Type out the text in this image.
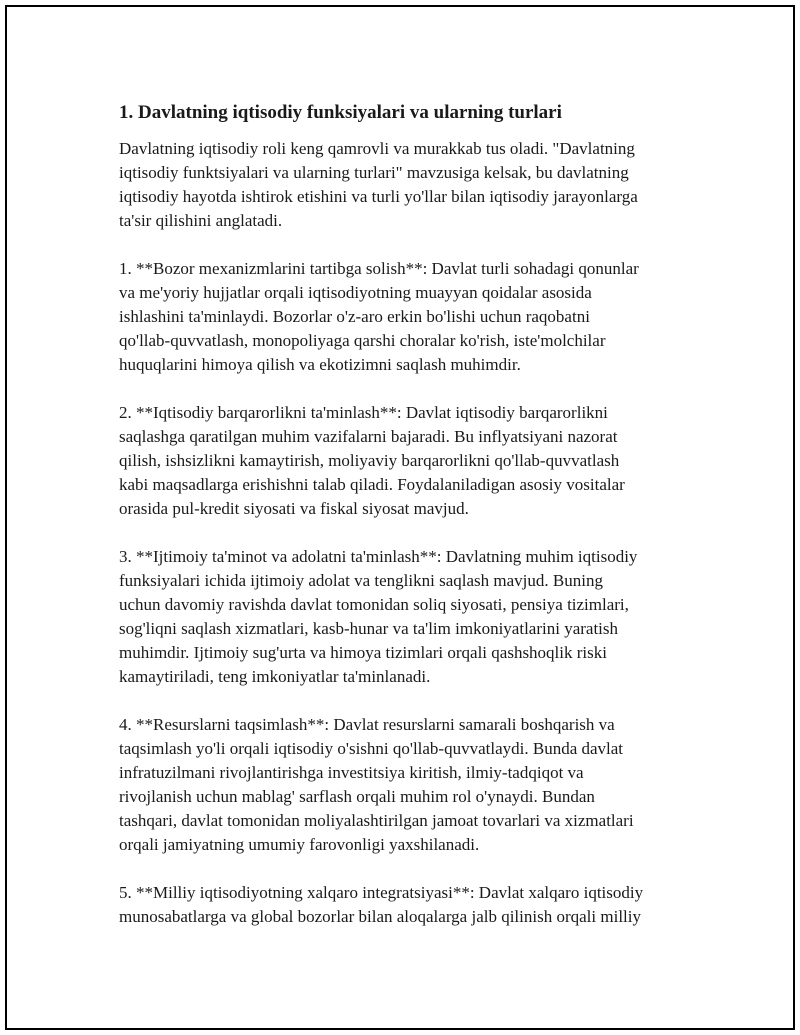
1. Davlatning iqtisodiy funksiyalari va ularning turlari

Davlatning iqtisodiy roli keng qamrovli va murakkab tus oladi. "Davlatning
iqtisodiy funktsiyalari va ularning turlari" mavzusiga kelsak, bu davlatning
iqtisodiy hayotda ishtirok etishini va turli yo'llar bilan iqtisodiy jarayonlarga
ta'sir qilishini anglatadi.

1. **Bozor mexanizmlarini tartibga solish**: Davlat turli sohadagi qonunlar
va me'yoriy hujjatlar orqali iqtisodiyotning muayyan qoidalar asosida
ishlashini ta'minlaydi. Bozorlar o'z-aro erkin bo'lishi uchun raqobatni
qo'llab-quvvatlash, monopoliyaga qarshi choralar ko'rish, iste'molchilar
huquqlarini himoya qilish va ekotizimni saqlash muhimdir.

2. **Iqtisodiy barqarorlikni ta'minlash**: Davlat iqtisodiy barqarorlikni
saqlashga qaratilgan muhim vazifalarni bajaradi. Bu inflyatsiyani nazorat
qilish, ishsizlikni kamaytirish, moliyaviy barqarorlikni qo'llab-quvvatlash
kabi maqsadlarga erishishni talab qiladi. Foydalaniladigan asosiy vositalar
orasida pul-kredit siyosati va fiskal siyosat mavjud.

3. **Ijtimoiy ta'minot va adolatni ta'minlash**: Davlatning muhim iqtisodiy
funksiyalari ichida ijtimoiy adolat va tenglikni saqlash mavjud. Buning
uchun davomiy ravishda davlat tomonidan soliq siyosati, pensiya tizimlari,
sog'liqni saqlash xizmatlari, kasb-hunar va ta'lim imkoniyatlarini yaratish
muhimdir. Ijtimoiy sug'urta va himoya tizimlari orqali qashshoqlik riski
kamaytiriladi, teng imkoniyatlar ta'minlanadi.

4. **Resurslarni taqsimlash**: Davlat resurslarni samarali boshqarish va
taqsimlash yo'li orqali iqtisodiy o'sishni qo'llab-quvvatlaydi. Bunda davlat
infratuzilmani rivojlantirishga investitsiya kiritish, ilmiy-tadqiqot va
rivojlanish uchun mablag' sarflash orqali muhim rol o'ynaydi. Bundan
tashqari, davlat tomonidan moliyalashtirilgan jamoat tovarlari va xizmatlari
orqali jamiyatning umumiy farovonligi yaxshilanadi.

5. **Milliy iqtisodiyotning xalqaro integratsiyasi**: Davlat xalqaro iqtisodiy
munosabatlarga va global bozorlar bilan aloqalarga jalb qilinish orqali milliy
